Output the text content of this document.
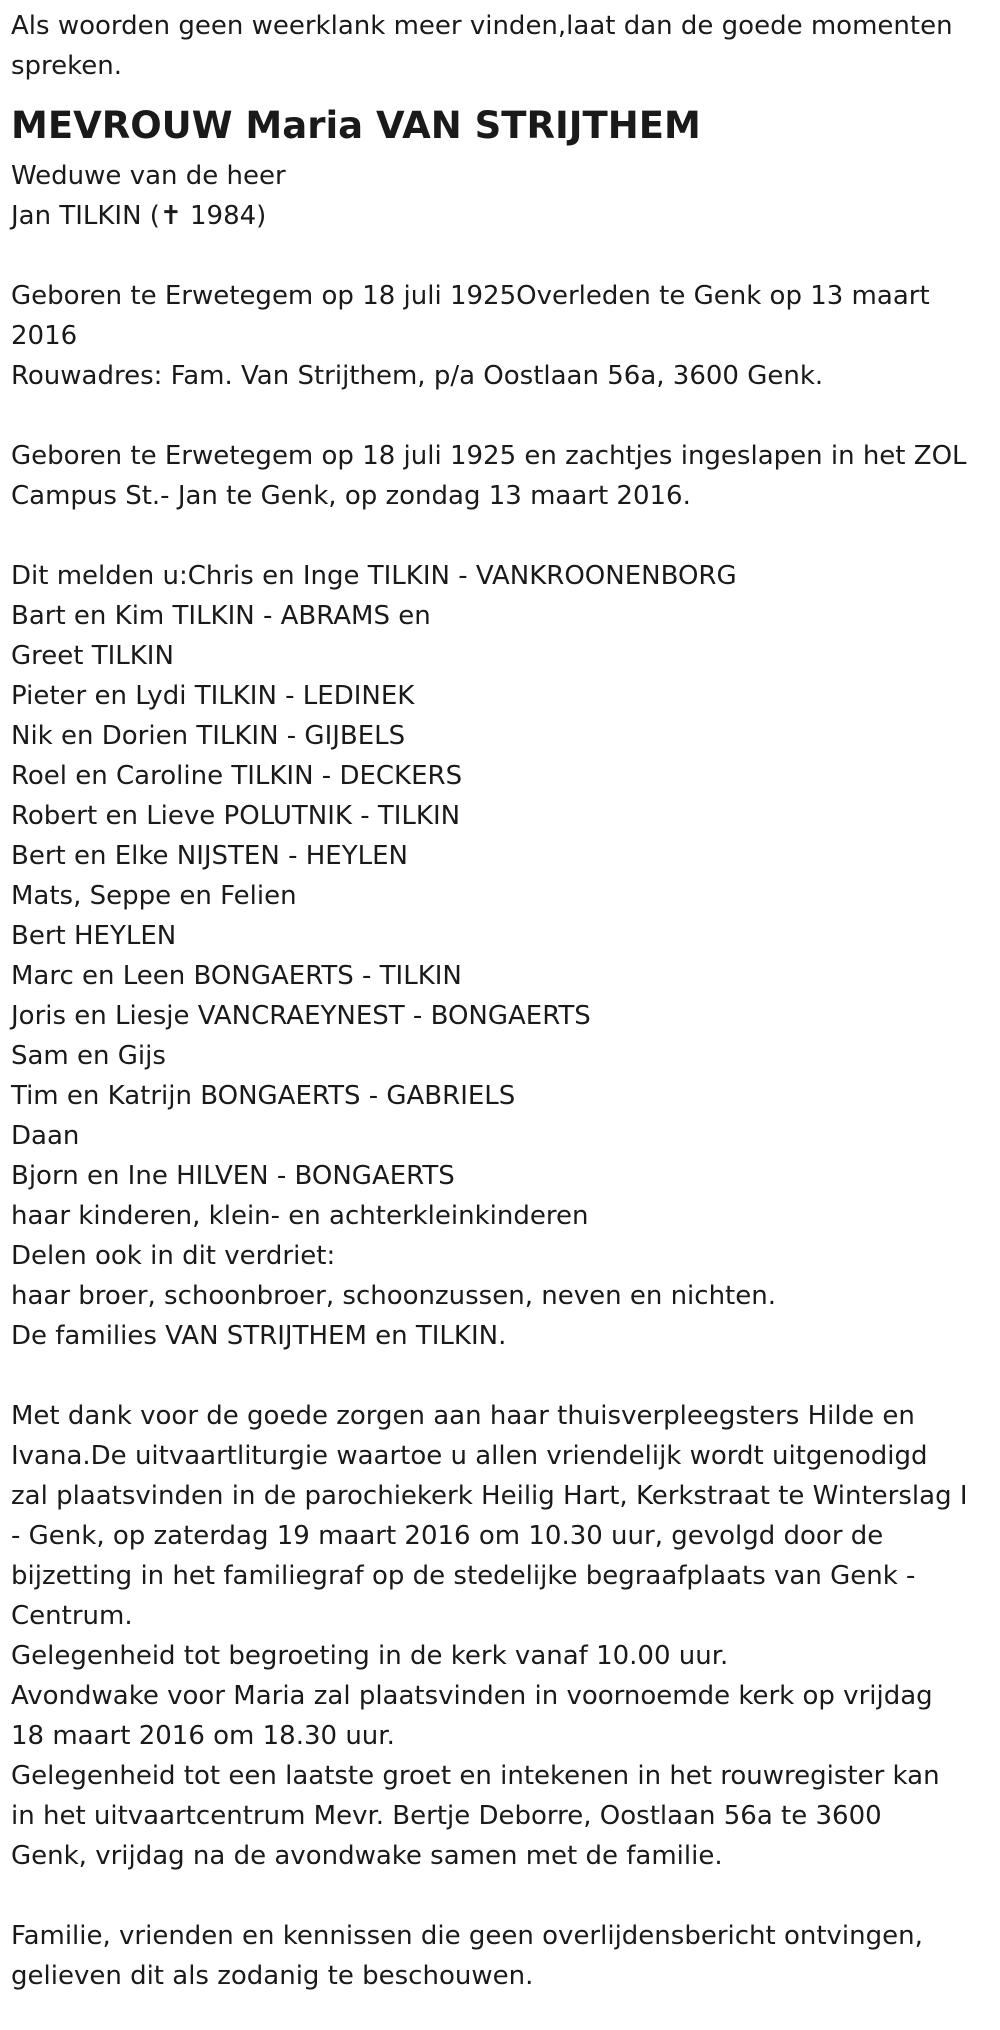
Als woorden geen weerklank meer vinden,laat dan de goede momenten
spreken.
MEVROUW Maria VAN STRIJTHEM
Weduwe van de heer
Jan TILKIN (✝ 1984)
Geboren te Erwetegem op 18 juli 1925Overleden te Genk op 13 maart
2016
Rouwadres: Fam. Van Strijthem, p/a Oostlaan 56a, 3600 Genk.
Geboren te Erwetegem op 18 juli 1925 en zachtjes ingeslapen in het ZOL
Campus St.- Jan te Genk, op zondag 13 maart 2016.
Dit melden u:Chris en Inge TILKIN - VANKROONENBORG
Bart en Kim TILKIN - ABRAMS en
Greet TILKIN
Pieter en Lydi TILKIN - LEDINEK
Nik en Dorien TILKIN - GIJBELS
Roel en Caroline TILKIN - DECKERS
Robert en Lieve POLUTNIK - TILKIN
Bert en Elke NIJSTEN - HEYLEN
Mats, Seppe en Felien
Bert HEYLEN
Marc en Leen BONGAERTS - TILKIN
Joris en Liesje VANCRAEYNEST - BONGAERTS
Sam en Gijs
Tim en Katrijn BONGAERTS - GABRIELS
Daan
Bjorn en Ine HILVEN - BONGAERTS
haar kinderen, klein- en achterkleinkinderen
Delen ook in dit verdriet:
haar broer, schoonbroer, schoonzussen, neven en nichten.
De families VAN STRIJTHEM en TILKIN.
Met dank voor de goede zorgen aan haar thuisverpleegsters Hilde en
Ivana.De uitvaartliturgie waartoe u allen vriendelijk wordt uitgenodigd
zal plaatsvinden in de parochiekerk Heilig Hart, Kerkstraat te Winterslag I
- Genk, op zaterdag 19 maart 2016 om 10.30 uur, gevolgd door de
bijzetting in het familiegraf op de stedelijke begraafplaats van Genk -
Centrum.
Gelegenheid tot begroeting in de kerk vanaf 10.00 uur.
Avondwake voor Maria zal plaatsvinden in voornoemde kerk op vrijdag
18 maart 2016 om 18.30 uur.
Gelegenheid tot een laatste groet en intekenen in het rouwregister kan
in het uitvaartcentrum Mevr. Bertje Deborre, Oostlaan 56a te 3600
Genk, vrijdag na de avondwake samen met de familie.
Familie, vrienden en kennissen die geen overlijdensbericht ontvingen,
gelieven dit als zodanig te beschouwen.
